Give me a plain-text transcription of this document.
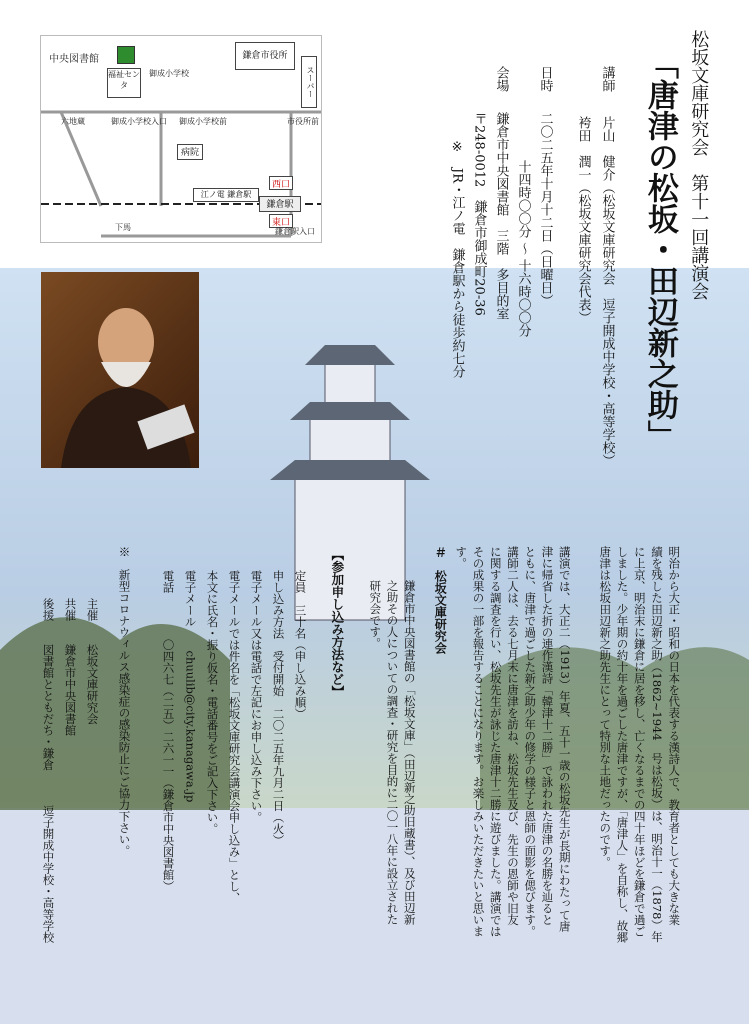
中央図書館	鎌倉市役所
福祉センタ
御成小学校	スーパー
六地蔵	御成小学校入口 御成小学校前	市役所前
病院
江ノ電 鎌倉駅
西口
鎌倉駅
東口
下馬	鎌倉駅入口	松坂文庫研究会　第十一回講演会
「唐津の松坂・田辺新之助」
講師
片山　健介（松坂文庫研究会　逗子開成中学校・高等学校）
袴田　潤一（松坂文庫研究会代表）
日時
二〇二五年十月十二日（日曜日）
十四時〇〇分 ～ 十六時〇〇分
会場
鎌倉市中央図書館　三階　多目的室
〒248-0012　鎌倉市御成町20-36
※　JR・江ノ電　鎌倉駅から徒歩約七分
明治から大正・昭和の日本を代表する漢詩人で、教育者としても大きな業
績を残した田辺新之助（1862~1944　号は松坂）は、明治十一（1878）年
に上京、明治末に鎌倉に居を移し、亡くなるまでの四十年ほどを鎌倉で過ご
しました。少年期の約十年を過ごした唐津ですが、「唐津人」を自称し、故郷
唐津は松坂田辺新之助先生にとって特別な土地だったのです。
講演では、大正二（1913）年夏、五十一歳の松坂先生が長期にわたって唐
津に帰省した折の連作漢詩「韓津十二勝」で詠われた唐津の名勝を辿ると
ともに、唐津で過ごした新之助少年の修学の様子と恩師の面影を偲びます。
講師二人は、去る七月末に唐津を訪ね、松坂先生及び、先生の恩師や旧友
に関する調査を行い、松坂先生が詠じた唐津十二勝に遊びました。講演では
その成果の一部を報告することになります。お楽しみいただきたいと思いま
す。
＃　松坂文庫研究会
鎌倉市中央図書館の「松坂文庫」（田辺新之助旧蔵書）、及び田辺新
之助その人についての調査・研究を目的に二〇一八年に設立された
研究会です。
【参加申し込み方法など】
定員　三十名（申し込み順）
申し込み方法　受付開始　二〇二五年九月二日（火）
電子メール又は電話で左記にお申し込み下さい。
電子メールでは件名を「松坂文庫研究会講演会申し込み」とし、
本文に氏名・振り仮名・電話番号をご記入下さい。
電子メール　　chuulib@city.kanagawa.jp
電話　　　　〇四六七（二五）二六一一（鎌倉市中央図書館）
※　新型コロナウィルス感染症の感染防止にご協力下さい。
主催　　松坂文庫研究会
共催　　鎌倉市中央図書館
後援　　図書館とともだち・鎌倉　　　逗子開成中学校・高等学校
